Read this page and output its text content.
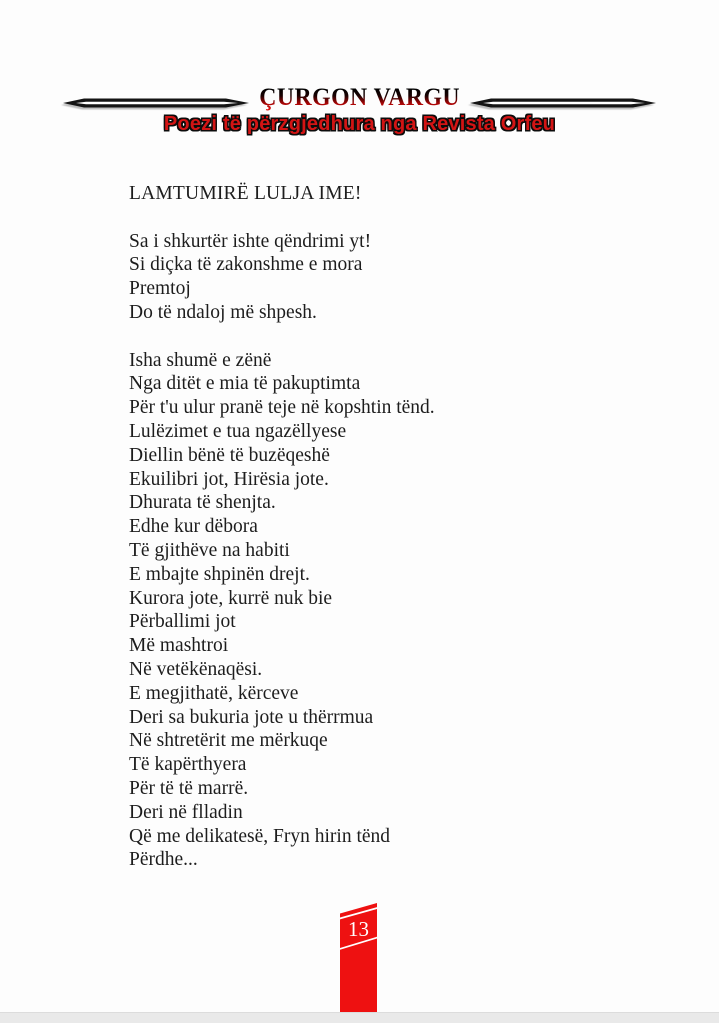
ÇURGON VARGU
Poezi të përzgjedhura nga Revista Orfeu
LAMTUMIRË LULJA IME!
Sa i shkurtër ishte qëndrimi yt!
Si diçka të zakonshme e mora
Premtoj
Do të ndaloj më shpesh.

Isha shumë e zënë
Nga ditët e mia të pakuptimta
Për t'u ulur pranë teje në kopshtin tënd.
Lulëzimet e tua ngazëllyese
Diellin bënë të buzëqeshë
Ekuilibri jot, Hirësia jote.
Dhurata të shenjta.
Edhe kur dëbora
Të gjithëve na habiti
E mbajte shpinën drejt.
Kurora jote, kurrë nuk bie
Përballimi jot
Më mashtroi
Në vetëkënaqësi.
E megjithatë, kërceve
Deri sa bukuria jote u thërrmua
Në shtretërit me mërkuqe
Të kapërthyera
Për të të marrë.
Deri në flladin
Që me delikatesë, Fryn hirin tënd
Përdhe...
13
